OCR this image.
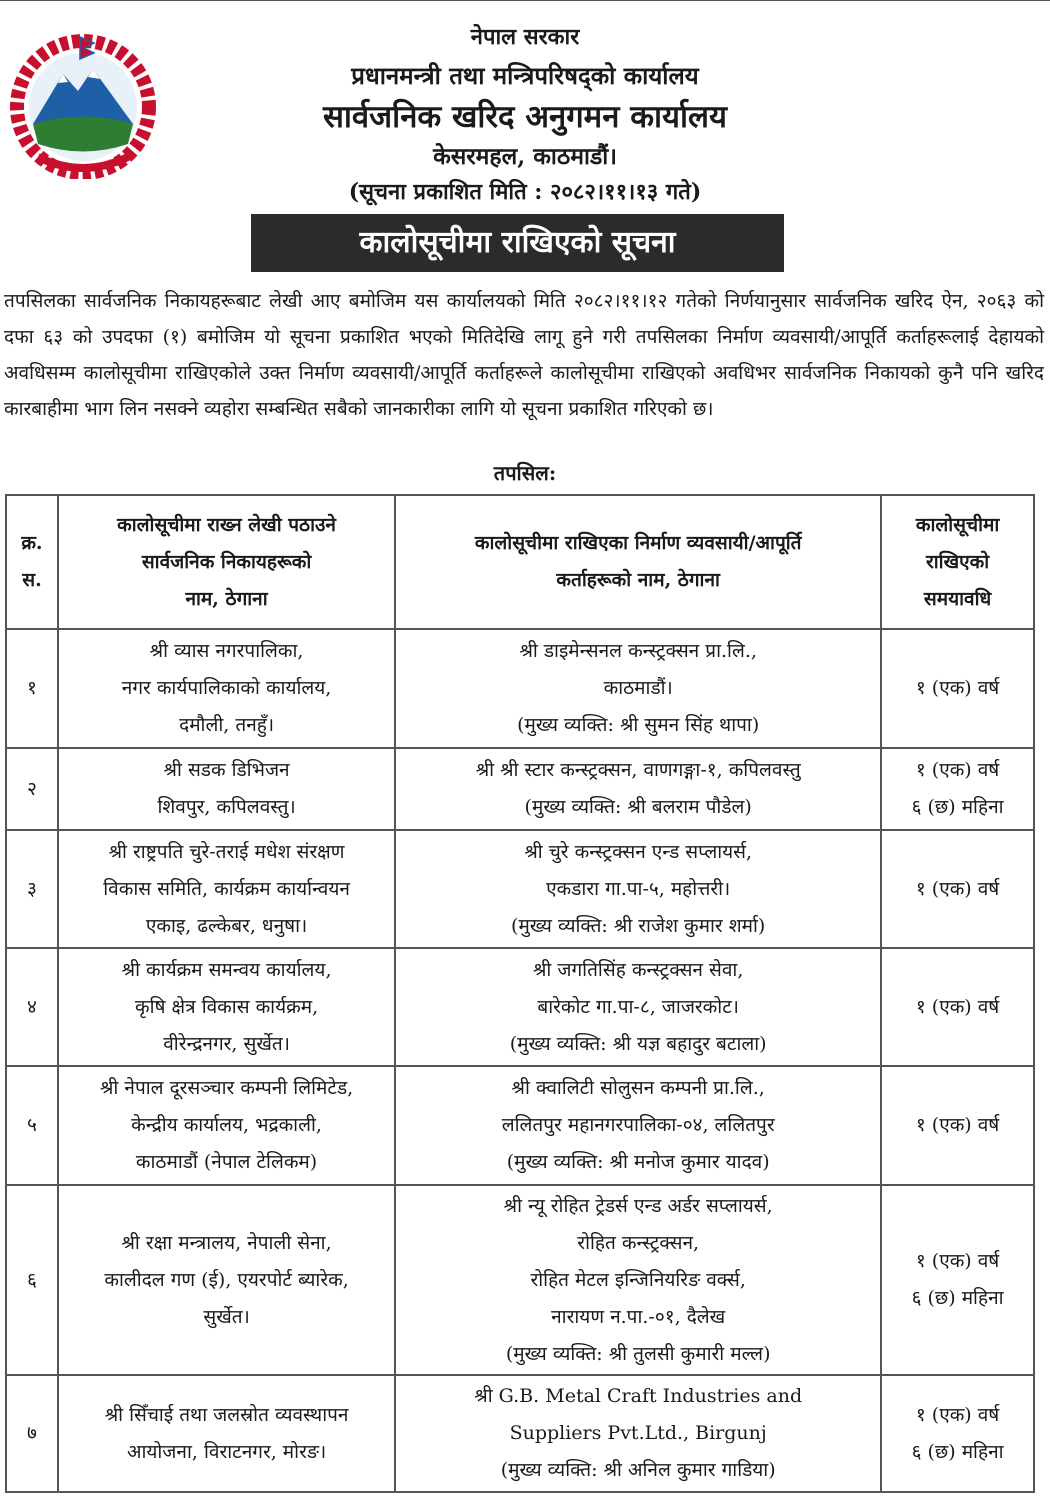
नेपाल सरकार
प्रधानमन्त्री तथा मन्त्रिपरिषद्को कार्यालय
सार्वजनिक खरिद अनुगमन कार्यालय
केसरमहल, काठमाडौं।
(सूचना प्रकाशित मिति : २०८२।११।१३ गते)
कालोसूचीमा राखिएको सूचना
तपसिलका सार्वजनिक निकायहरूबाट लेखी आए बमोजिम यस कार्यालयको मिति २०८२।११।१२ गतेको निर्णयानुसार सार्वजनिक खरिद ऐन, २०६३ को दफा ६३ को उपदफा (१) बमोजिम यो सूचना प्रकाशित भएको मितिदेखि लागू हुने गरी तपसिलका निर्माण व्यवसायी/आपूर्ति कर्ताहरूलाई देहायको अवधिसम्म कालोसूचीमा राखिएकोले उक्त निर्माण व्यवसायी/आपूर्ति कर्ताहरूले कालोसूचीमा राखिएको अवधिभर सार्वजनिक निकायको कुनै पनि खरिद कारबाहीमा भाग लिन नसक्ने व्यहोरा सम्बन्धित सबैको जानकारीका लागि यो सूचना प्रकाशित गरिएको छ।
तपसिल:
क्र.
स.	कालोसूचीमा राख्न लेखी पठाउने
सार्वजनिक निकायहरूको
नाम, ठेगाना	कालोसूचीमा राखिएका निर्माण व्यवसायी/आपूर्ति
कर्ताहरूको नाम, ठेगाना	कालोसूचीमा
राखिएको
समयावधि
१	श्री व्यास नगरपालिका,
नगर कार्यपालिकाको कार्यालय,
दमौली, तनहुँ।	श्री डाइमेन्सनल कन्स्ट्रक्सन प्रा.लि.,
काठमाडौं।
(मुख्य व्यक्ति: श्री सुमन सिंह थापा)	१ (एक) वर्ष
२	श्री सडक डिभिजन
शिवपुर, कपिलवस्तु।	श्री श्री स्टार कन्स्ट्रक्सन, वाणगङ्गा-१, कपिलवस्तु
(मुख्य व्यक्ति: श्री बलराम पौडेल)	१ (एक) वर्ष
६ (छ) महिना
३	श्री राष्ट्रपति चुरे-तराई मधेश संरक्षण
विकास समिति, कार्यक्रम कार्यान्वयन
एकाइ, ढल्केबर, धनुषा।	श्री चुरे कन्स्ट्रक्सन एन्ड सप्लायर्स,
एकडारा गा.पा-५, महोत्तरी।
(मुख्य व्यक्ति: श्री राजेश कुमार शर्मा)	१ (एक) वर्ष
४	श्री कार्यक्रम समन्वय कार्यालय,
कृषि क्षेत्र विकास कार्यक्रम,
वीरेन्द्रनगर, सुर्खेत।	श्री जगतिसिंह कन्स्ट्रक्सन सेवा,
बारेकोट गा.पा-८, जाजरकोट।
(मुख्य व्यक्ति: श्री यज्ञ बहादुर बटाला)	१ (एक) वर्ष
५	श्री नेपाल दूरसञ्चार कम्पनी लिमिटेड,
केन्द्रीय कार्यालय, भद्रकाली,
काठमाडौं (नेपाल टेलिकम)	श्री क्वालिटी सोलुसन कम्पनी प्रा.लि.,
ललितपुर महानगरपालिका-०४, ललितपुर
(मुख्य व्यक्ति: श्री मनोज कुमार यादव)	१ (एक) वर्ष
६	श्री रक्षा मन्त्रालय, नेपाली सेना,
कालीदल गण (ई), एयरपोर्ट ब्यारेक,
सुर्खेत।	श्री न्यू रोहित ट्रेडर्स एन्ड अर्डर सप्लायर्स,
रोहित कन्स्ट्रक्सन,
रोहित मेटल इन्जिनियरिङ वर्क्स,
नारायण न.पा.-०१, दैलेख
(मुख्य व्यक्ति: श्री तुलसी कुमारी मल्ल)	१ (एक) वर्ष
६ (छ) महिना
७	श्री सिँचाई तथा जलस्रोत व्यवस्थापन
आयोजना, विराटनगर, मोरङ।	श्री G.B. Metal Craft Industries and
Suppliers Pvt.Ltd., Birgunj
(मुख्य व्यक्ति: श्री अनिल कुमार गाडिया)	१ (एक) वर्ष
६ (छ) महिना
